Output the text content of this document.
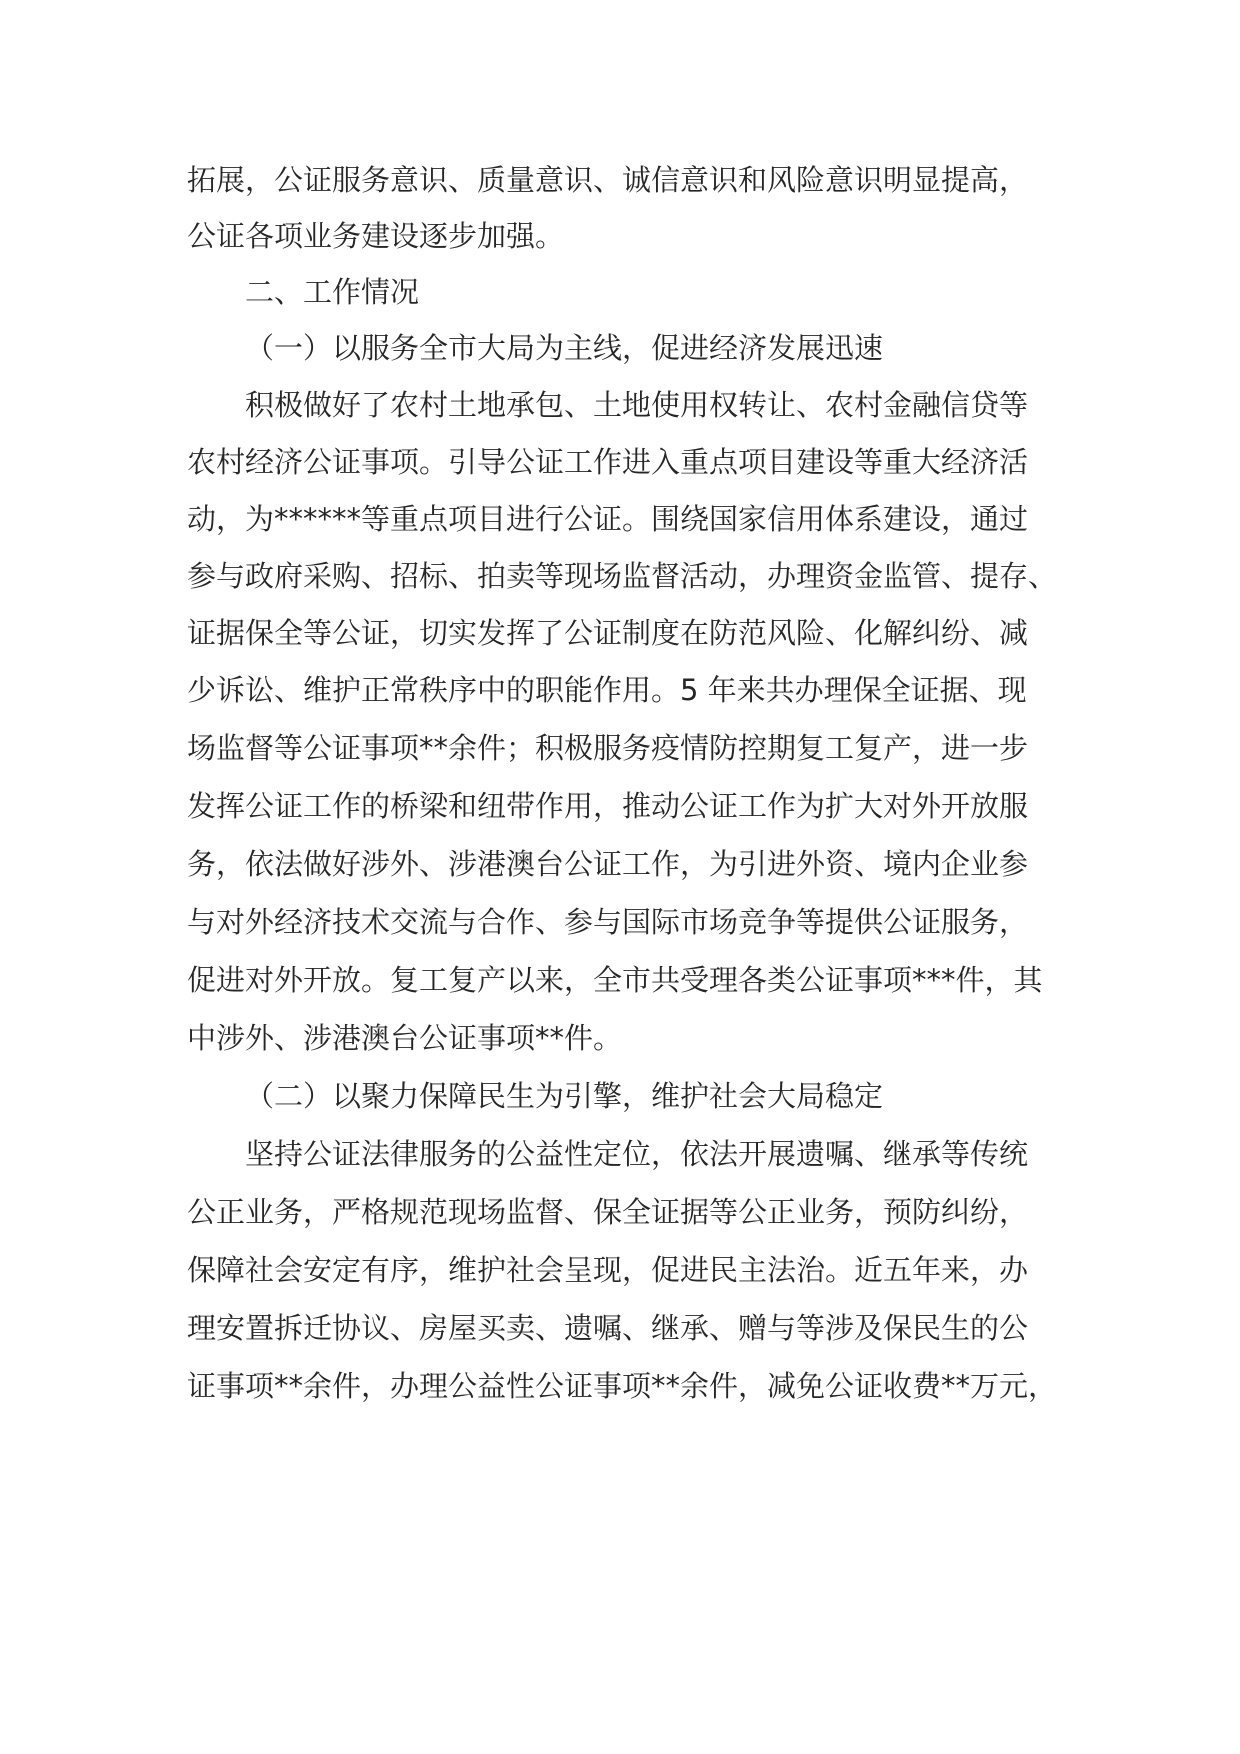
拓展，公证服务意识、质量意识、诚信意识和风险意识明显提高，
公证各项业务建设逐步加强。
二、工作情况
（一）以服务全市大局为主线，促进经济发展迅速
积极做好了农村土地承包、土地使用权转让、农村金融信贷等
农村经济公证事项。引导公证工作进入重点项目建设等重大经济活
动，为******等重点项目进行公证。围绕国家信用体系建设，通过
参与政府采购、招标、拍卖等现场监督活动，办理资金监管、提存、
证据保全等公证，切实发挥了公证制度在防范风险、化解纠纷、减
少诉讼、维护正常秩序中的职能作用。5 年来共办理保全证据、现
场监督等公证事项**余件；积极服务疫情防控期复工复产，进一步
发挥公证工作的桥梁和纽带作用，推动公证工作为扩大对外开放服
务，依法做好涉外、涉港澳台公证工作，为引进外资、境内企业参
与对外经济技术交流与合作、参与国际市场竞争等提供公证服务，
促进对外开放。复工复产以来，全市共受理各类公证事项***件，其
中涉外、涉港澳台公证事项**件。
（二）以聚力保障民生为引擎，维护社会大局稳定
坚持公证法律服务的公益性定位，依法开展遗嘱、继承等传统
公正业务，严格规范现场监督、保全证据等公正业务，预防纠纷，
保障社会安定有序，维护社会呈现，促进民主法治。近五年来，办
理安置拆迁协议、房屋买卖、遗嘱、继承、赠与等涉及保民生的公
证事项**余件，办理公益性公证事项**余件，减免公证收费**万元，
